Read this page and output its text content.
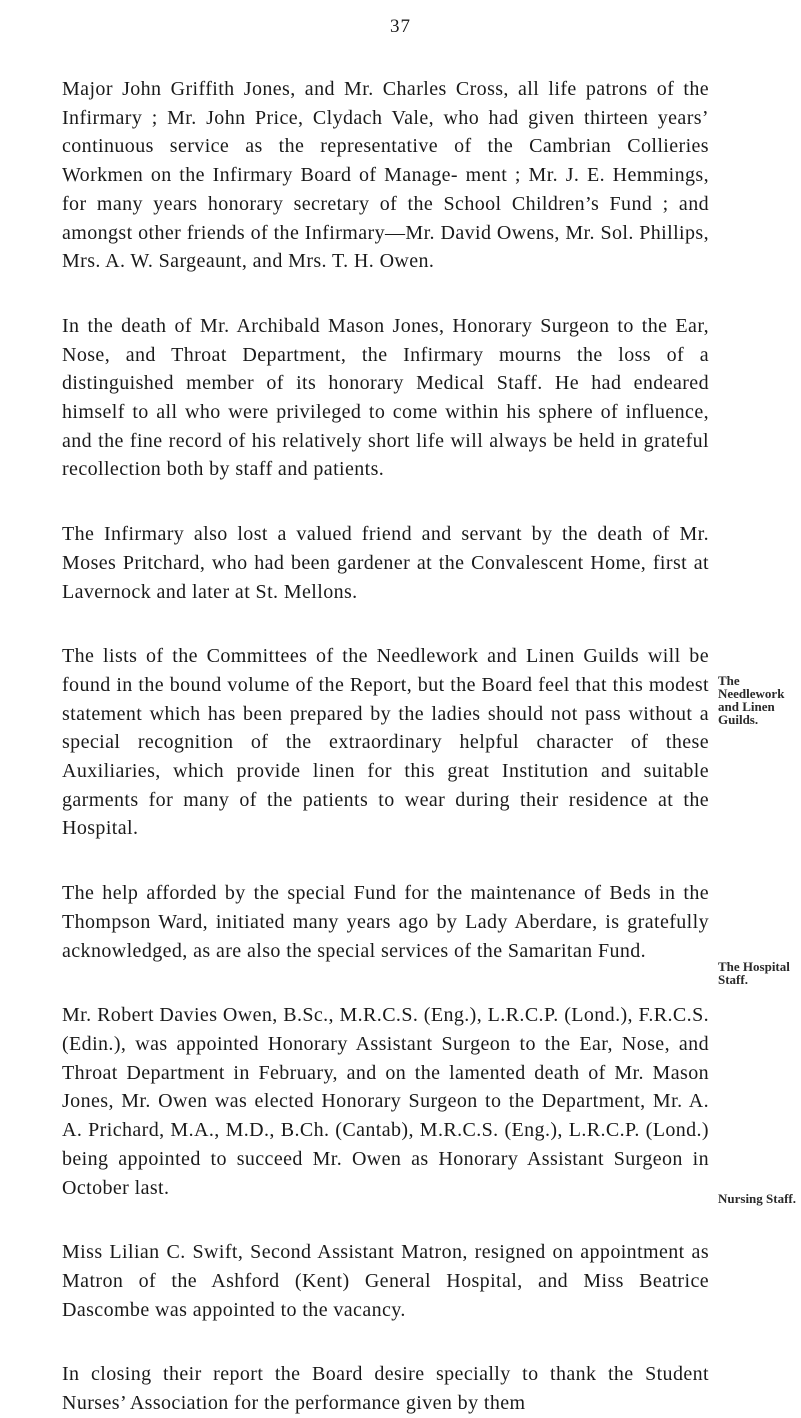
37

Major John Griffith Jones, and Mr. Charles Cross, all life patrons of the Infirmary ; Mr. John Price, Clydach Vale, who had given thirteen years’ continuous service as the representative of the Cambrian Collieries Workmen on the Infirmary Board of Manage- ment ; Mr. J. E. Hemmings, for many years honorary secretary of the School Children’s Fund ; and amongst other friends of the Infirmary—Mr. David Owens, Mr. Sol. Phillips, Mrs. A. W. Sargeaunt, and Mrs. T. H. Owen.

In the death of Mr. Archibald Mason Jones, Honorary Surgeon to the Ear, Nose, and Throat Department, the Infirmary mourns the loss of a distinguished member of its honorary Medical Staff. He had endeared himself to all who were privileged to come within his sphere of influence, and the fine record of his relatively short life will always be held in grateful recollection both by staff and patients.

The Infirmary also lost a valued friend and servant by the death of Mr. Moses Pritchard, who had been gardener at the Convalescent Home, first at Lavernock and later at St. Mellons.

The lists of the Committees of the Needlework and Linen Guilds will be found in the bound volume of the Report, but the Board feel that this modest statement which has been prepared by the ladies should not pass without a special recognition of the extraordinary helpful character of these Auxiliaries, which provide linen for this great Institution and suitable garments for many of the patients to wear during their residence at the Hospital.

The help afforded by the special Fund for the maintenance of Beds in the Thompson Ward, initiated many years ago by Lady Aberdare, is gratefully acknowledged, as are also the special services of the Samaritan Fund.

Mr. Robert Davies Owen, B.Sc., M.R.C.S. (Eng.), L.R.C.P. (Lond.), F.R.C.S. (Edin.), was appointed Honorary Assistant Surgeon to the Ear, Nose, and Throat Department in February, and on the lamented death of Mr. Mason Jones, Mr. Owen was elected Honorary Surgeon to the Department, Mr. A. A. Prichard, M.A., M.D., B.Ch. (Cantab), M.R.C.S. (Eng.), L.R.C.P. (Lond.) being appointed to succeed Mr. Owen as Honorary Assistant Surgeon in October last.

Miss Lilian C. Swift, Second Assistant Matron, resigned on appointment as Matron of the Ashford (Kent) General Hospital, and Miss Beatrice Dascombe was appointed to the vacancy.

In closing their report the Board desire specially to thank the Student Nurses’ Association for the performance given by them

The Needlework and Linen Guilds.
The Hospital Staff.
Nursing Staff.
